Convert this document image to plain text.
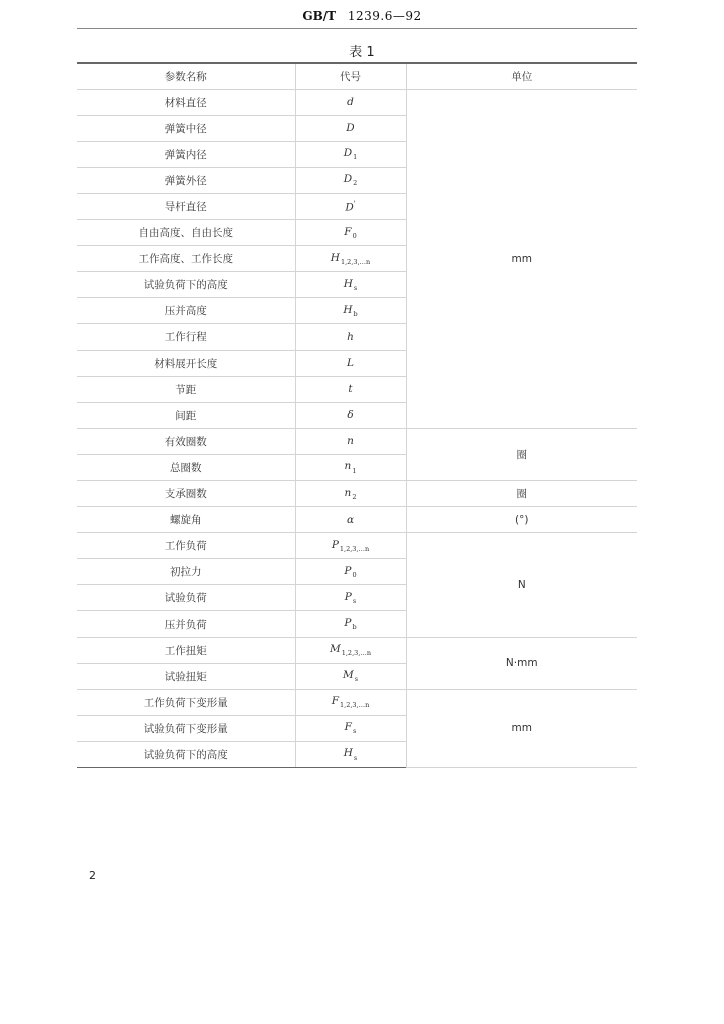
GB/T 1239.6—92
表 1
参数名称	代号	单位
材料直径	d	mm
弹簧中径	D	
弹簧内径	$D_1$
弹簧外径	$D_2$
导杆直径	D'
自由高度、自由长度	$F_0$
工作高度、工作长度	$H_{1,2,3,\dots n}$
试验负荷下的高度	$H_s$
压并高度	$H_b$
工作行程	h	
材料展开长度	L	
节距	t	
间距	δ	
有效圈数	n	圈
总圈数	$n_1$
支承圈数	$n_2$	圈
螺旋角	α	(°)
工作负荷	$P_{1,2,3,\dots n}$	N
初拉力	$P_0$
试验负荷	$P_s$
压并负荷	$P_b$
工作扭矩	$M_{1,2,3,\dots n}$	N·mm
试验扭矩	$M_s$
工作负荷下变形量	$F_{1,2,3,\dots n}$	mm
试验负荷下变形量	$F_s$
试验负荷下的高度	$H_s$
2
